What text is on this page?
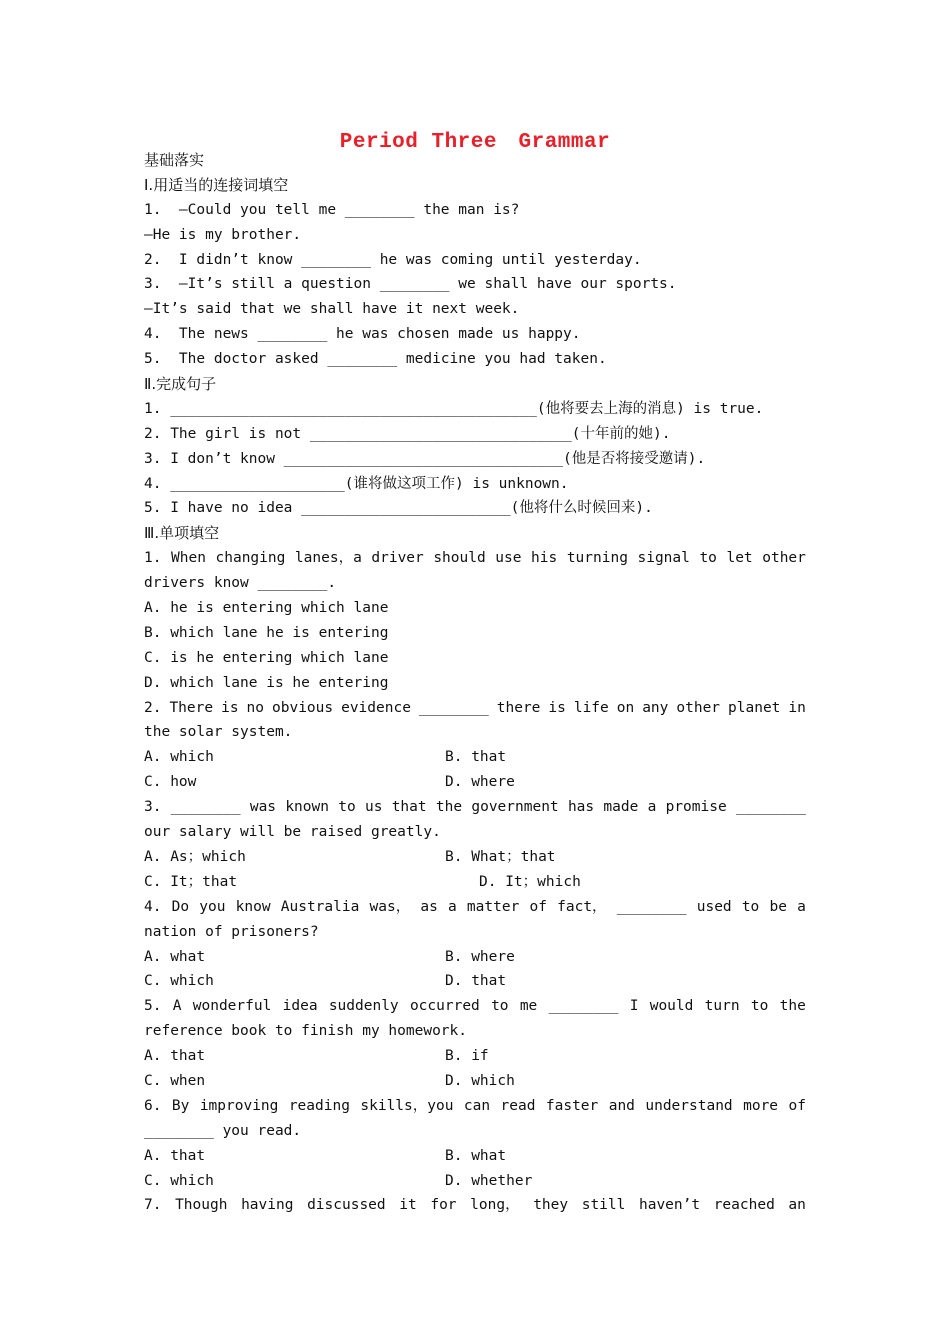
Period Three　Grammar
基础落实
Ⅰ.用适当的连接词填空
1.  —Could you tell me ________ the man is?
—He is my brother.
2.  I didn’t know ________ he was coming until yesterday.
3.  —It’s still a question ________ we shall have our sports.
—It’s said that we shall have it next week.
4.  The news ________ he was chosen made us happy.
5.  The doctor asked ________ medicine you had taken.
Ⅱ.完成句子
1. __________________________________________(他将要去上海的消息) is true.
2. The girl is not ______________________________(十年前的她).
3. I don’t know ________________________________(他是否将接受邀请).
4. ____________________(谁将做这项工作) is unknown.
5. I have no idea ________________________(他将什么时候回来).
Ⅲ.单项填空
1. When changing lanes，a driver should use his turning signal to let other
drivers know ________.
A. he is entering which lane
B. which lane he is entering
C. is he entering which lane
D. which lane is he entering
2. There is no obvious evidence ________ there is life on any other planet in
the solar system.
A. which	B. that
C. how	D. where
3. ________ was known to us that the government has made a promise ________
our salary will be raised greatly.
A. As；which	B. What；that
C. It；that	D. It；which
4. Do you know Australia was， as a matter of fact， ________ used to be a
nation of prisoners?
A. what	B. where
C. which	D. that
5. A wonderful idea suddenly occurred to me ________ I would turn to the
reference book to finish my homework.
A. that	B. if
C. when	D. which
6. By improving reading skills，you can read faster and understand more of
________ you read.
A. that	B. what
C. which	D. whether
7. Though having discussed it for long， they still haven’t reached an
